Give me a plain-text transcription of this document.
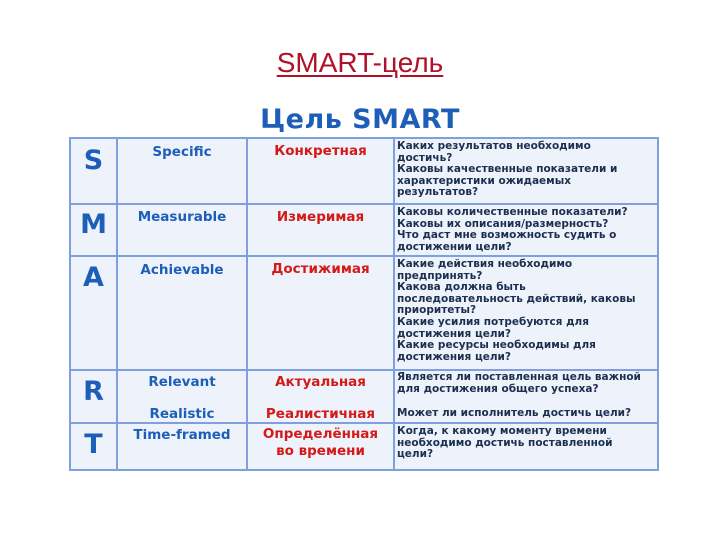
SMART-цель
Цель SMART
S	Specific	Конкретная	Каких результатов необходимо
достичь?
Каковы качественные показатели и
характеристики ожидаемых
результатов?
M	Measurable	Измеримая	Каковы количественные показатели?
Каковы их описания/размерность?
Что даст мне возможность судить о
достижении цели?
A	Achievable	Достижимая	Какие действия необходимо
предпринять?
Какова должна быть
последовательность действий, каковы
приоритеты?
Какие усилия потребуются для
достижения цели?
Какие ресурсы необходимы для
достижения цели?
R	Relevant	Актуальная	Является ли поставленная цель важной
для достижения общего успеха?
Realistic	Реалистичная	Может ли исполнитель достичь цели?
T	Time-framed	Определённая
во времени
Когда, к какому моменту времени
необходимо достичь поставленной
цели?
